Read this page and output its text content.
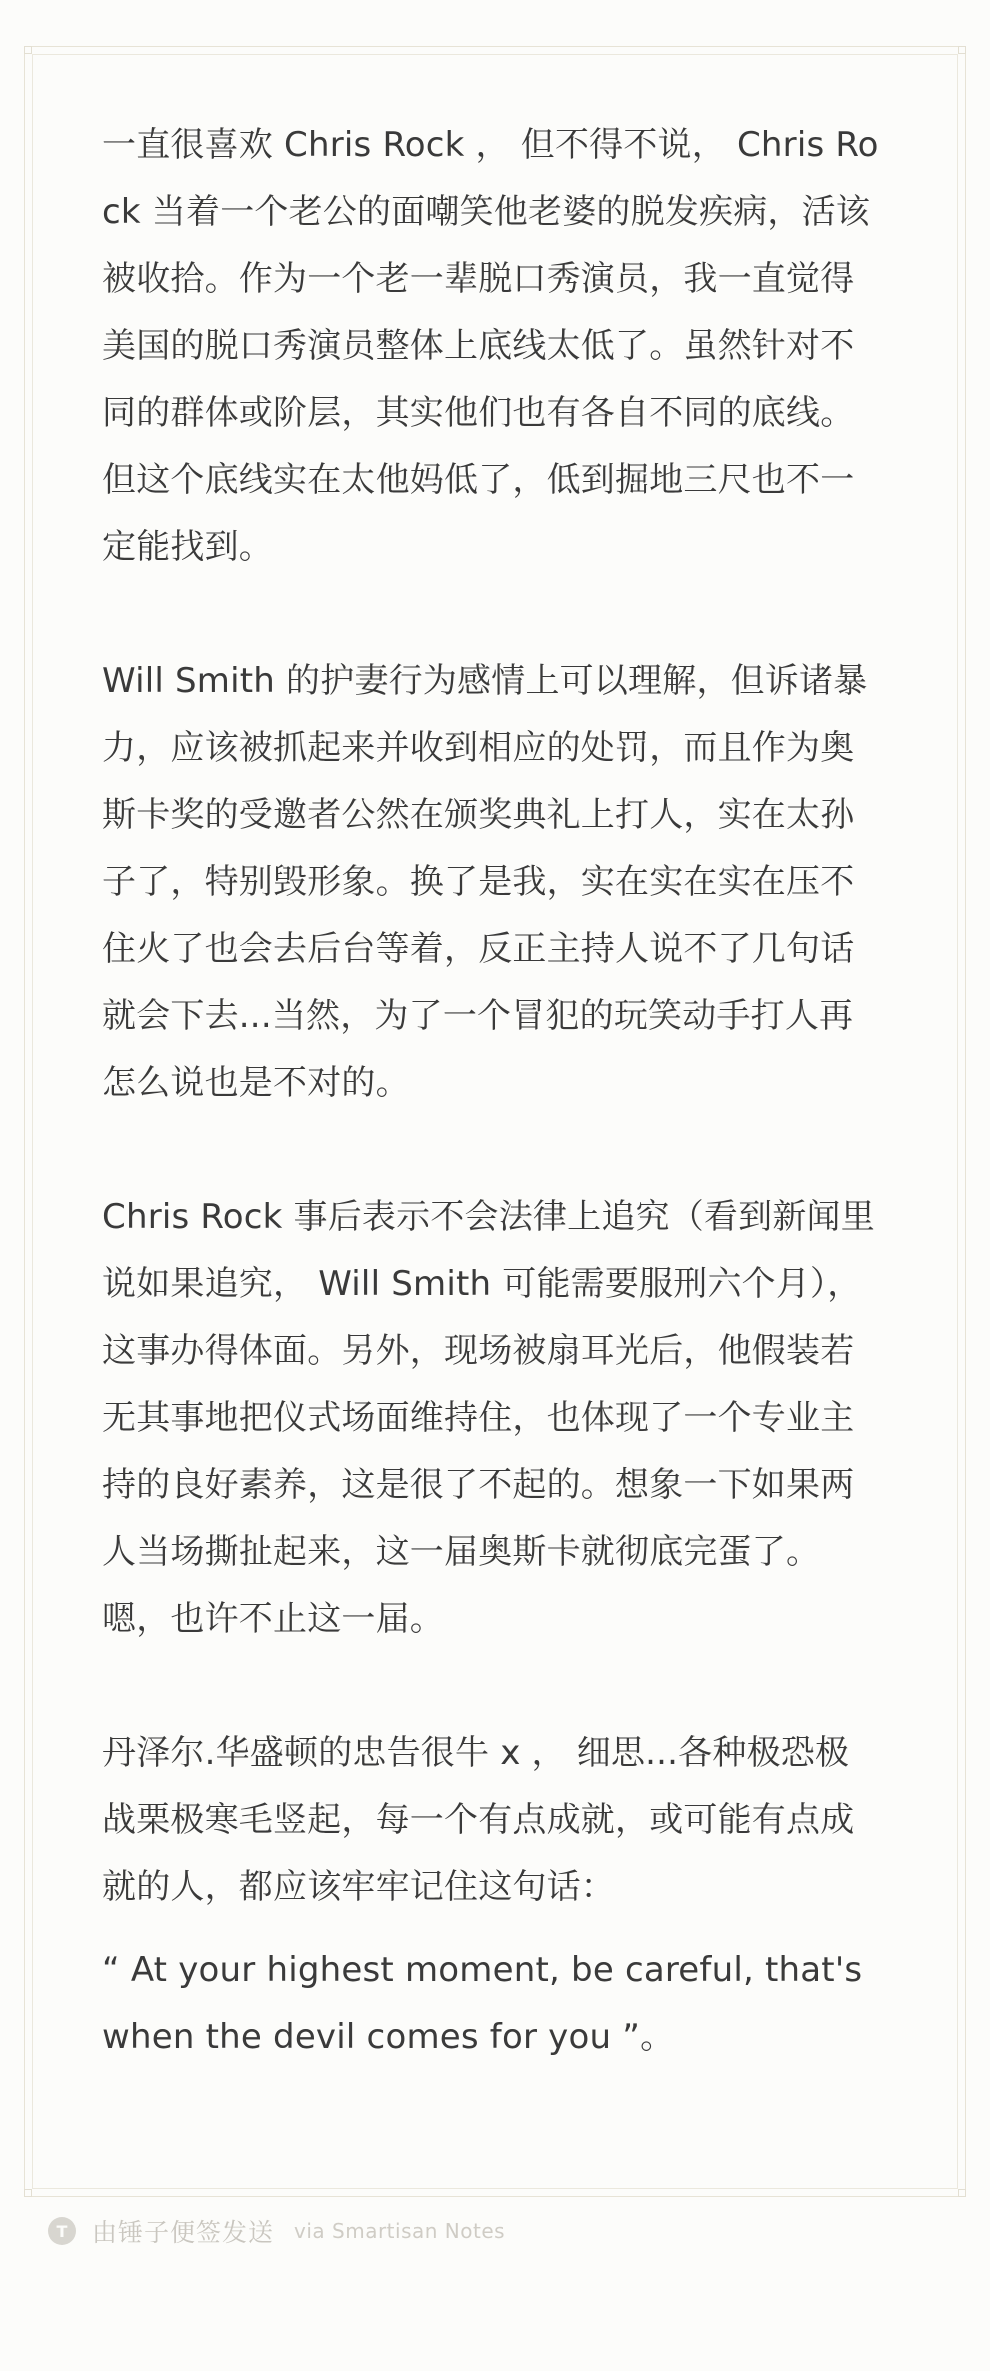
一直很喜欢 Chris Rock ， 但不得不说， Chris Rock 当着一个老公的面嘲笑他老婆的脱发疾病，活该被收拾。作为一个老一辈脱口秀演员，我一直觉得美国的脱口秀演员整体上底线太低了。虽然针对不同的群体或阶层，其实他们也有各自不同的底线。但这个底线实在太他妈低了，低到掘地三尺也不一定能找到。

Will Smith 的护妻行为感情上可以理解，但诉诸暴力，应该被抓起来并收到相应的处罚，而且作为奥斯卡奖的受邀者公然在颁奖典礼上打人，实在太孙子了，特别毁形象。换了是我，实在实在实在压不住火了也会去后台等着，反正主持人说不了几句话就会下去...当然，为了一个冒犯的玩笑动手打人再怎么说也是不对的。

Chris Rock 事后表示不会法律上追究（看到新闻里说如果追究， Will Smith 可能需要服刑六个月），这事办得体面。另外，现场被扇耳光后，他假装若无其事地把仪式场面维持住，也体现了一个专业主持的良好素养，这是很了不起的。想象一下如果两人当场撕扯起来，这一届奥斯卡就彻底完蛋了。嗯，也许不止这一届。

丹泽尔.华盛顿的忠告很牛 x ， 细思...各种极恐极战栗极寒毛竖起，每一个有点成就，或可能有点成就的人，都应该牢牢记住这句话：

“ At your highest moment, be careful, that's when the devil comes for you ”。

T 由锤子便签发送 via Smartisan Notes
